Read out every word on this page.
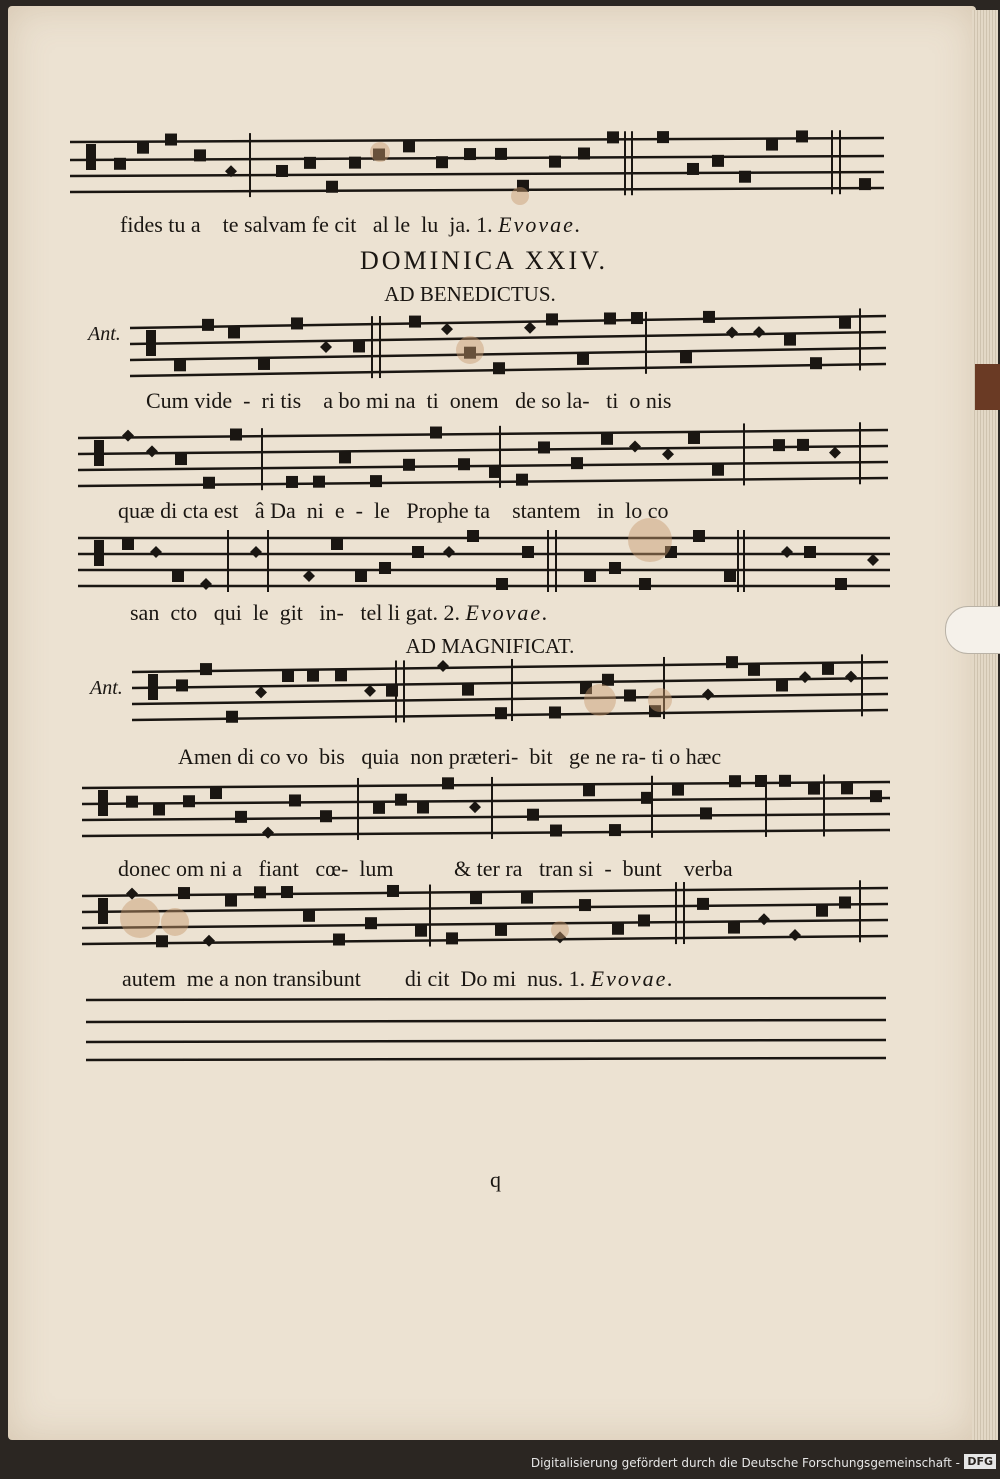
fides tu a    te salvam fe cit   al le  lu  ja. 1. Evovae.
DOMINICA XXIV.
AD BENEDICTUS.
Ant.
Cum vide  -  ri tis    a bo mi na  ti  onem   de so la-   ti  o nis
quæ di cta est   â Da  ni  e  -  le   Prophe ta    stantem   in  lo co
san  cto   qui  le  git   in-   tel li gat. 2. Evovae.
AD MAGNIFICAT.
Ant.
Amen di co vo  bis   quia  non præteri-  bit   ge ne ra- ti o hæc
donec om ni a   fiant   cœ-  lum           & ter ra   tran si  -  bunt    verba
autem  me a non transibunt        di cit  Do mi  nus. 1. Evovae.
q
Digitalisierung gefördert durch die Deutsche Forschungsgemeinschaft - DFG
